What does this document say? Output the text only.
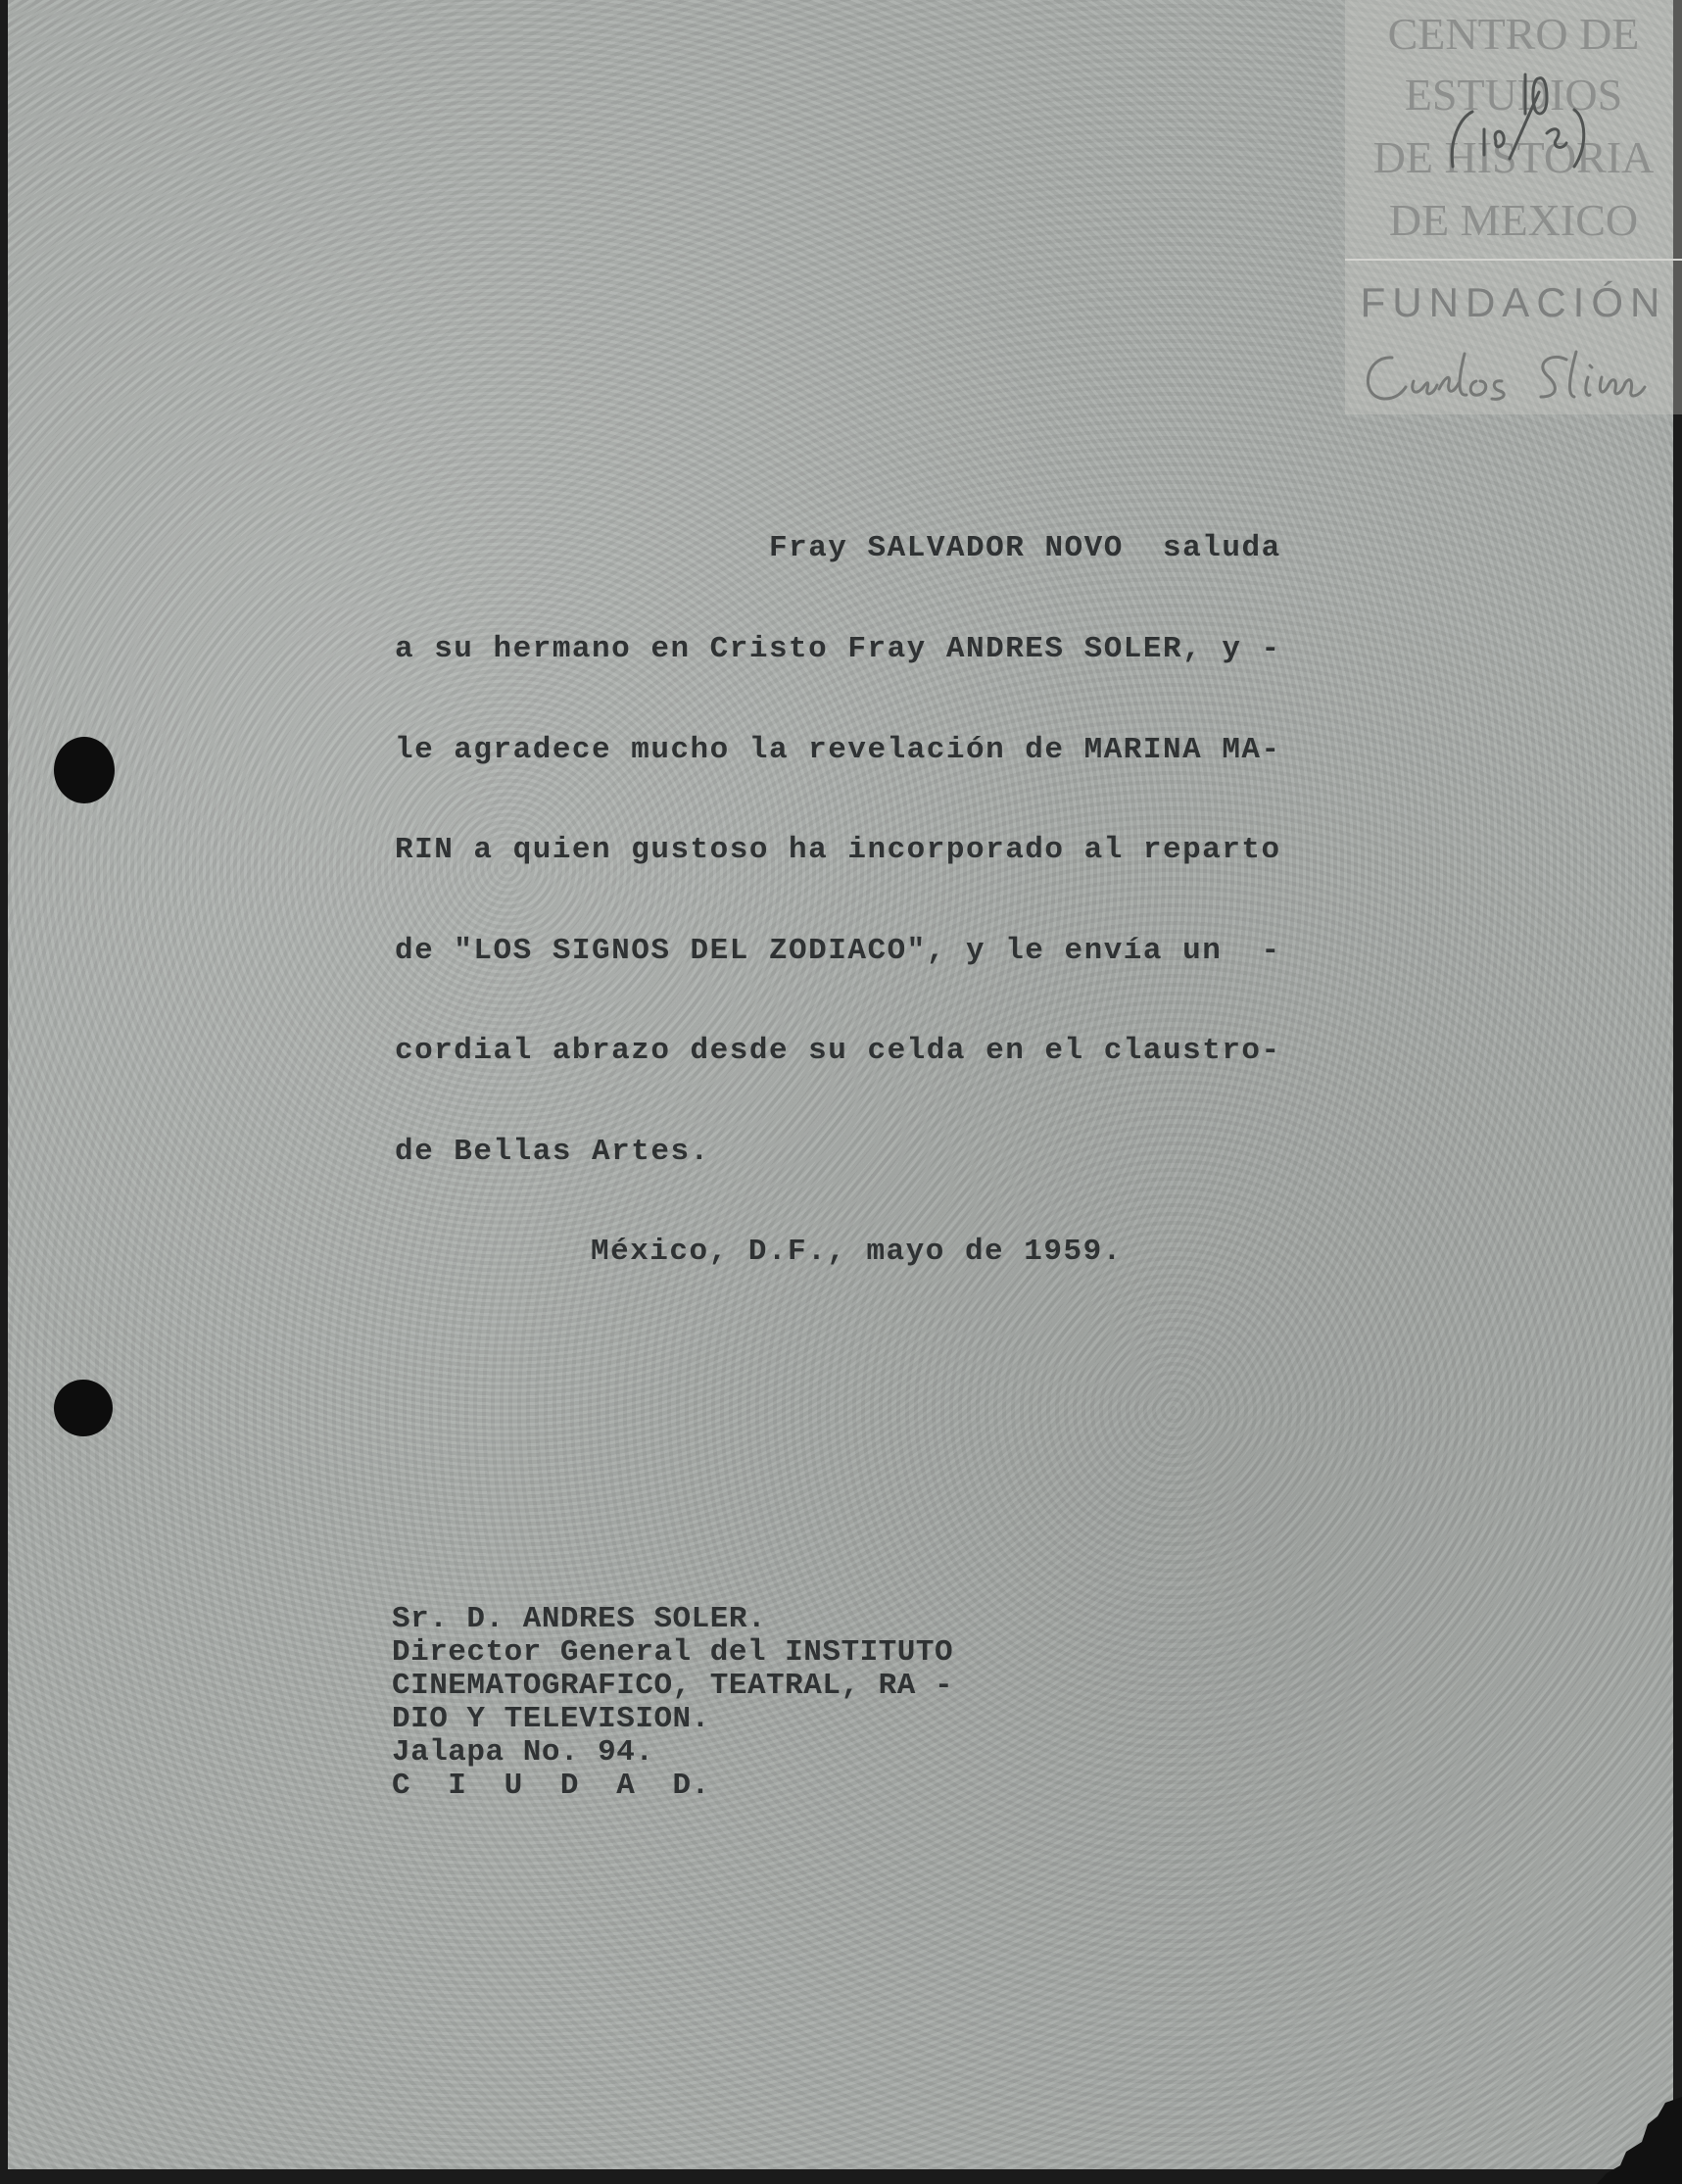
CENTRO DE
ESTUDIOS
DE HISTORIA
DE MEXICO
FUNDACIÓN
Fray SALVADOR NOVO  saluda
a su hermano en Cristo Fray ANDRES SOLER, y -
le agradece mucho la revelación de MARINA MA-
RIN a quien gustoso ha incorporado al reparto
de "LOS SIGNOS DEL ZODIACO", y le envía un  -
cordial abrazo desde su celda en el claustro-
de Bellas Artes.
México, D.F., mayo de 1959.
Sr. D. ANDRES SOLER.
Director General del INSTITUTO
CINEMATOGRAFICO, TEATRAL, RA -
DIO Y TELEVISION.
Jalapa No. 94.
C  I  U  D  A  D.
